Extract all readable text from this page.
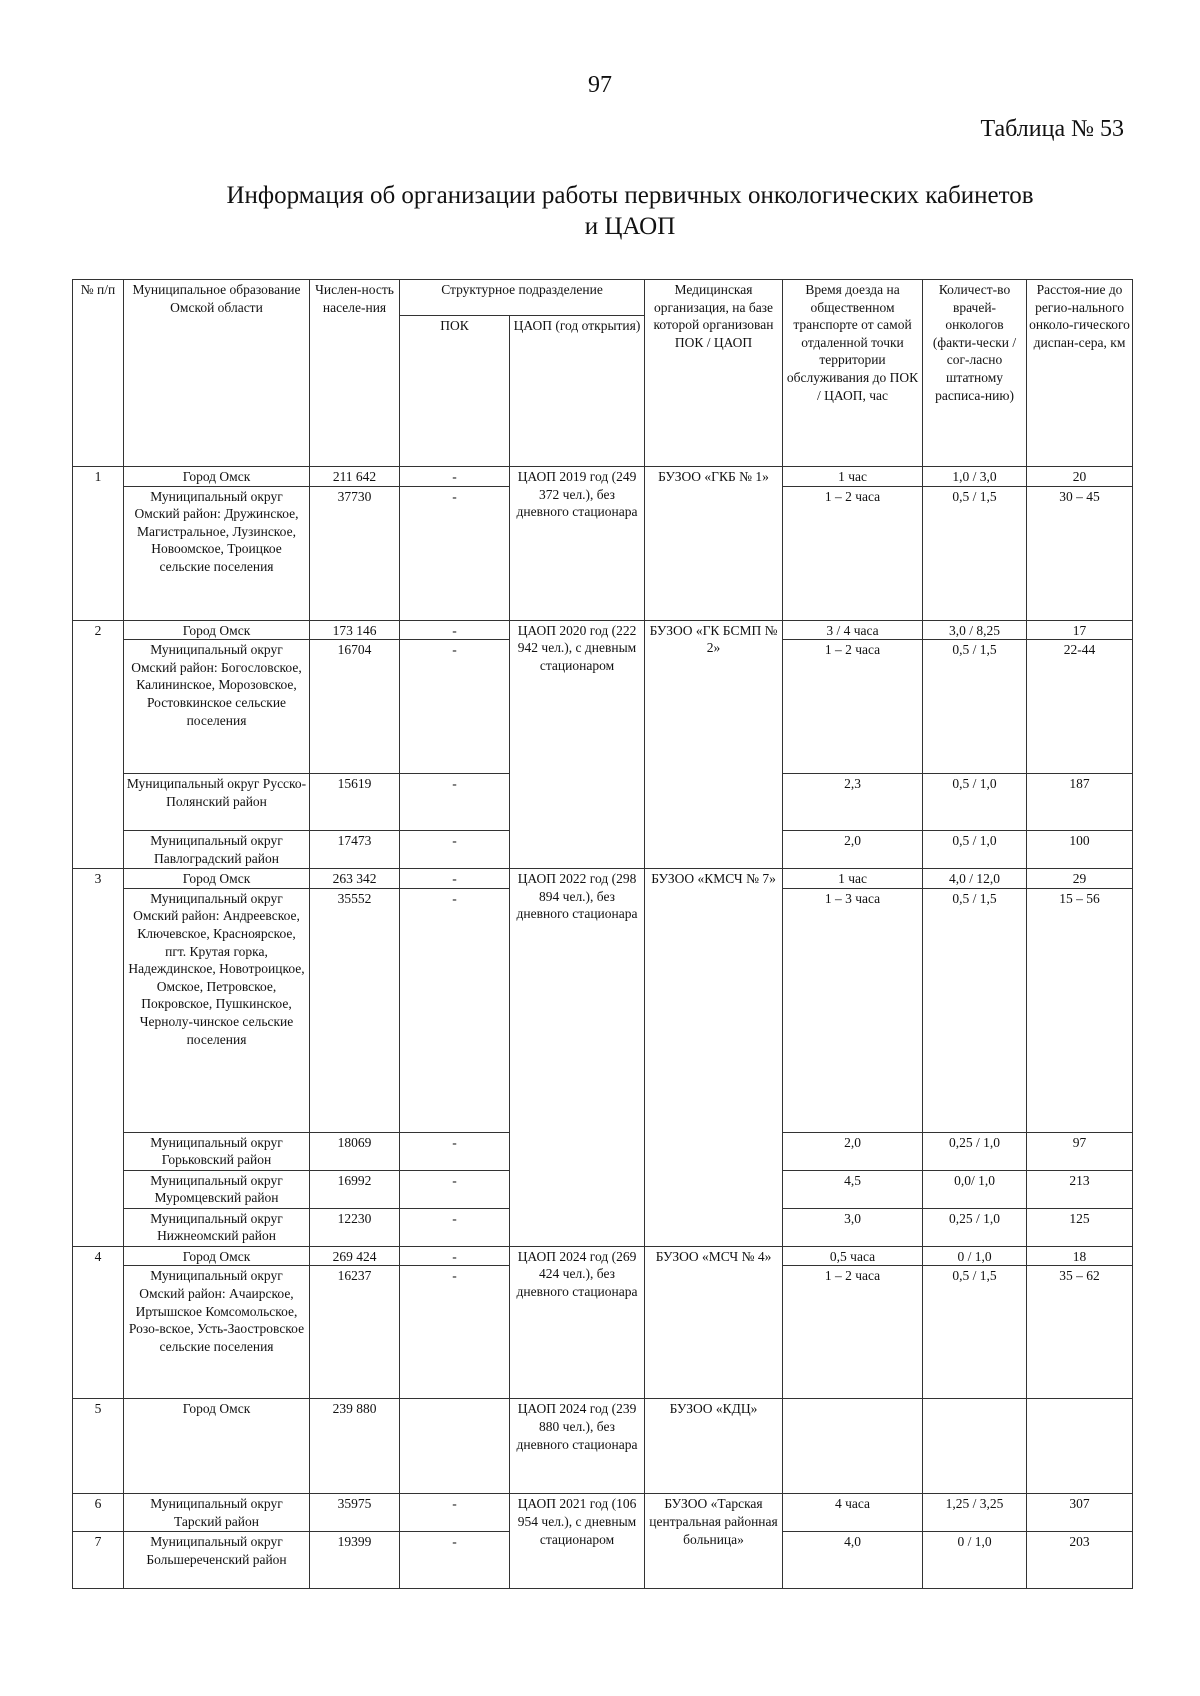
97
Таблица № 53
Информация об организации работы первичных онкологических кабинетов
и ЦАОП
№ п/п	Муниципальное образование Омской области	Числен-ность населе-ния	Структурное подразделение		Медицинская организация, на базе которой организован ПОК / ЦАОП	Время доезда на общественном транспорте от самой отдаленной точки территории обслуживания до ПОК / ЦАОП, час	Количест-во врачей-онкологов (факти-чески / сог-ласно штатному расписа-нию)	Расстоя-ние до регио-нального онколо-гического диспан-сера, км
			ПОК	ЦАОП (год открытия)				
1	Город Омск	211 642	-	ЦАОП 2019 год (249 372 чел.), без дневного стационара	БУЗОО «ГКБ № 1»	1 час	1,0 / 3,0	20
	Муниципальный округ Омский район: Дружинское, Магистральное, Лузинское, Новоомское, Троицкое сельские поселения	37730	-			1 – 2 часа	0,5 / 1,5	30 – 45
2	Город Омск	173 146	-	ЦАОП 2020 год (222 942 чел.), с дневным стационаром	БУЗОО «ГК БСМП № 2»	3 / 4 часа	3,0 / 8,25	17
	Муниципальный округ Омский район: Богословское, Калининское, Морозовское, Ростовкинское сельские поселения	16704	-			1 – 2 часа	0,5 / 1,5	22-44
	Муниципальный округ Русско-Полянский район	15619	-			2,3	0,5 / 1,0	187
	Муниципальный округ Павлоградский район	17473	-			2,0	0,5 / 1,0	100
3	Город Омск	263 342	-	ЦАОП 2022 год (298 894 чел.), без дневного стационара	БУЗОО «КМСЧ № 7»	1 час	4,0 / 12,0	29
	Муниципальный округ Омский район: Андреевское, Ключевское, Красноярское, пгт. Крутая горка, Надеждинское, Новотроицкое, Омское, Петровское, Покровское, Пушкинское, Чернолу-чинское сельские поселения	35552	-			1 – 3 часа	0,5 / 1,5	15 – 56
	Муниципальный округ Горьковский район	18069	-			2,0	0,25 / 1,0	97
	Муниципальный округ Муромцевский район	16992	-			4,5	0,0/ 1,0	213
	Муниципальный округ Нижнеомский район	12230	-			3,0	0,25 / 1,0	125
4	Город Омск	269 424	-	ЦАОП 2024 год (269 424 чел.), без дневного стационара	БУЗОО «МСЧ № 4»	0,5 часа	0 / 1,0	18
	Муниципальный округ Омский район: Ачаирское, Иртышское Комсомольское, Розо-вское, Усть-Заостровское сельские поселения	16237	-			1 – 2 часа	0,5 / 1,5	35 – 62
5	Город Омск	239 880		ЦАОП 2024 год (239 880 чел.), без дневного стационара	БУЗОО «КДЦ»			
6	Муниципальный округ Тарский район	35975	-	ЦАОП 2021 год (106 954 чел.), с дневным стационаром	БУЗОО «Тарская центральная районная больница»	4 часа	1,25 / 3,25	307
7	Муниципальный округ Большереченский район	19399	-			4,0	0 / 1,0	203
